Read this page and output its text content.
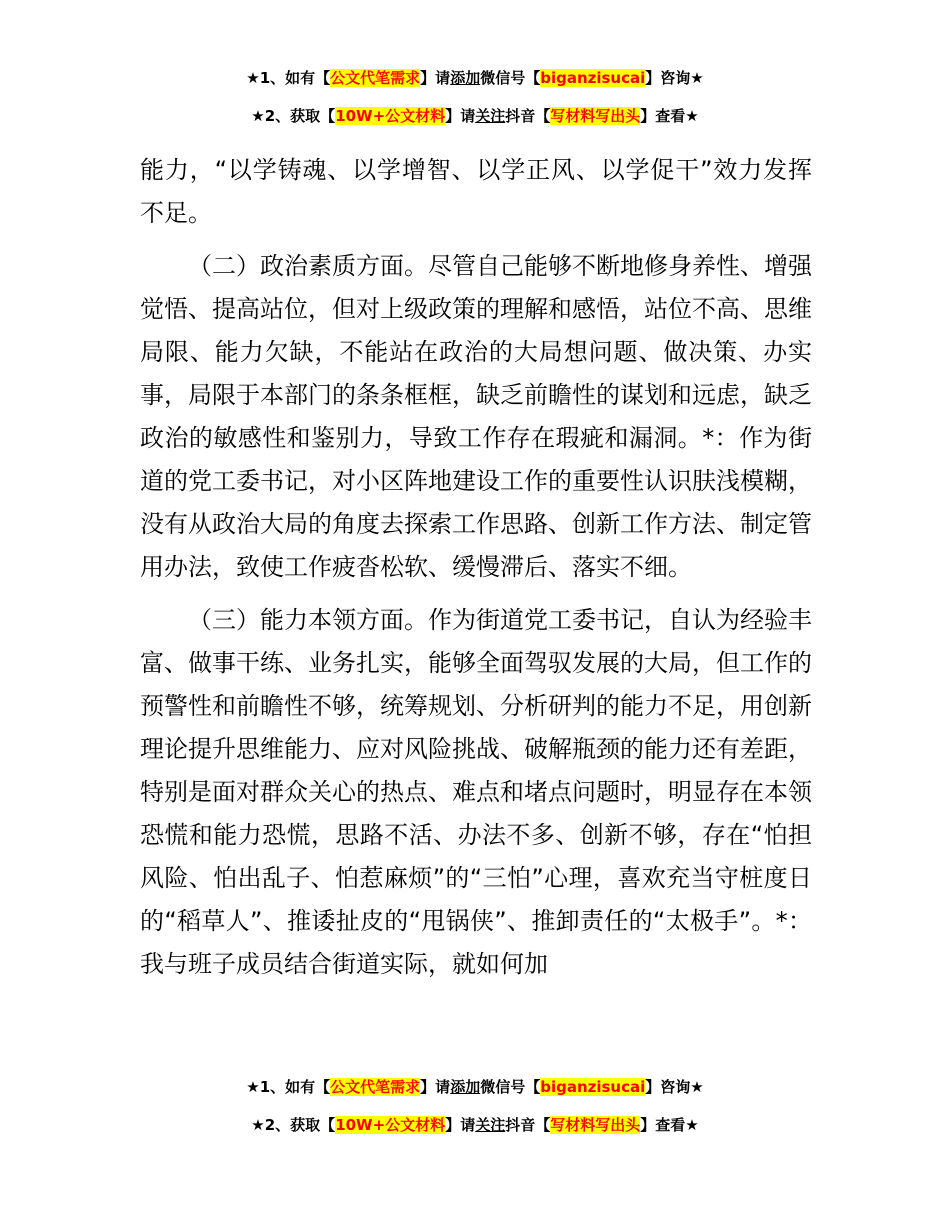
★1、如有【公文代笔需求】请添加微信号【biganzisucai】咨询★
★2、获取【10W+公文材料】请关注抖音【写材料写出头】查看★

能力，“以学铸魂、以学增智、以学正风、以学促干”效力发挥不足。

（二）政治素质方面。尽管自己能够不断地修身养性、增强觉悟、提高站位，但对上级政策的理解和感悟，站位不高、思维局限、能力欠缺，不能站在政治的大局想问题、做决策、办实事，局限于本部门的条条框框，缺乏前瞻性的谋划和远虑，缺乏政治的敏感性和鉴别力，导致工作存在瑕疵和漏洞。*：作为街道的党工委书记，对小区阵地建设工作的重要性认识肤浅模糊，没有从政治大局的角度去探索工作思路、创新工作方法、制定管用办法，致使工作疲沓松软、缓慢滞后、落实不细。

（三）能力本领方面。作为街道党工委书记，自认为经验丰富、做事干练、业务扎实，能够全面驾驭发展的大局，但工作的预警性和前瞻性不够，统筹规划、分析研判的能力不足，用创新理论提升思维能力、应对风险挑战、破解瓶颈的能力还有差距，特别是面对群众关心的热点、难点和堵点问题时，明显存在本领恐慌和能力恐慌，思路不活、办法不多、创新不够，存在“怕担风险、怕出乱子、怕惹麻烦”的“三怕”心理，喜欢充当守桩度日的“稻草人”、推诿扯皮的“甩锅侠”、推卸责任的“太极手”。*：我与班子成员结合街道实际，就如何加

★1、如有【公文代笔需求】请添加微信号【biganzisucai】咨询★
★2、获取【10W+公文材料】请关注抖音【写材料写出头】查看★
